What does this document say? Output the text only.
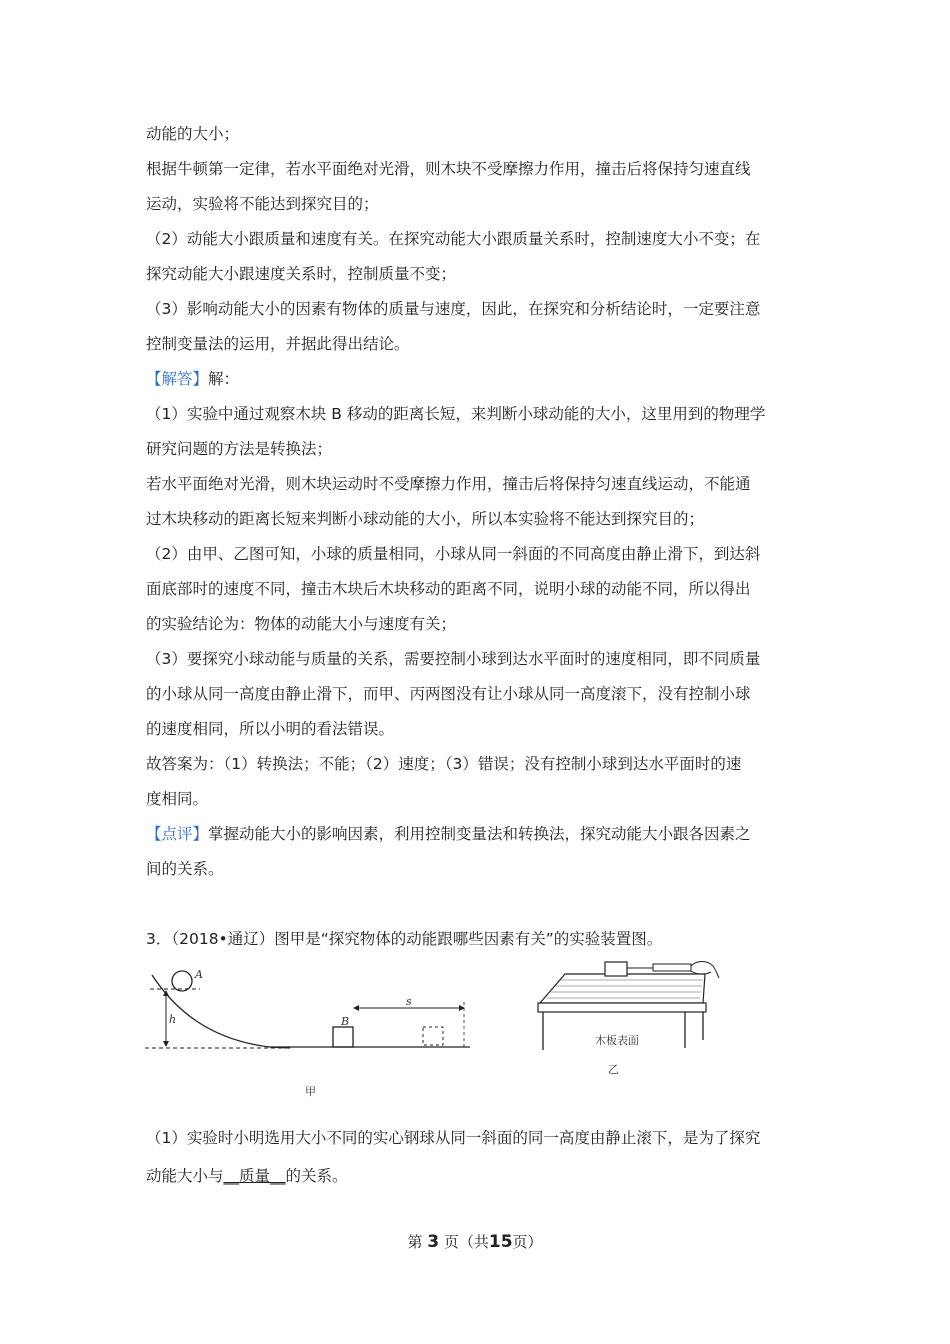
动能的大小；
根据牛顿第一定律，若水平面绝对光滑，则木块不受摩擦力作用，撞击后将保持匀速直线
运动，实验将不能达到探究目的；
（2）动能大小跟质量和速度有关。在探究动能大小跟质量关系时，控制速度大小不变；在
探究动能大小跟速度关系时，控制质量不变；
（3）影响动能大小的因素有物体的质量与速度，因此，在探究和分析结论时，一定要注意
控制变量法的运用，并据此得出结论。
【解答】解：
（1）实验中通过观察木块 B 移动的距离长短，来判断小球动能的大小，这里用到的物理学
研究问题的方法是转换法；
若水平面绝对光滑，则木块运动时不受摩擦力作用，撞击后将保持匀速直线运动，不能通
过木块移动的距离长短来判断小球动能的大小，所以本实验将不能达到探究目的；
（2）由甲、乙图可知，小球的质量相同，小球从同一斜面的不同高度由静止滑下，到达斜
面底部时的速度不同，撞击木块后木块移动的距离不同，说明小球的动能不同，所以得出
的实验结论为：物体的动能大小与速度有关；
（3）要探究小球动能与质量的关系，需要控制小球到达水平面时的速度相同，即不同质量
的小球从同一高度由静止滑下，而甲、丙两图没有让小球从同一高度滚下，没有控制小球
的速度相同，所以小明的看法错误。
故答案为：（1）转换法；不能；（2）速度；（3）错误；没有控制小球到达水平面时的速
度相同。
【点评】掌握动能大小的影响因素，利用控制变量法和转换法，探究动能大小跟各因素之
间的关系。
3．（2018•通辽）图甲是“探究物体的动能跟哪些因素有关”的实验装置图。
A
h	B
s
甲
木板表面
乙
（1）实验时小明选用大小不同的实心钢球从同一斜面的同一高度由静止滚下，是为了探究
动能大小与__质量__的关系。
第 3 页（共15页）
